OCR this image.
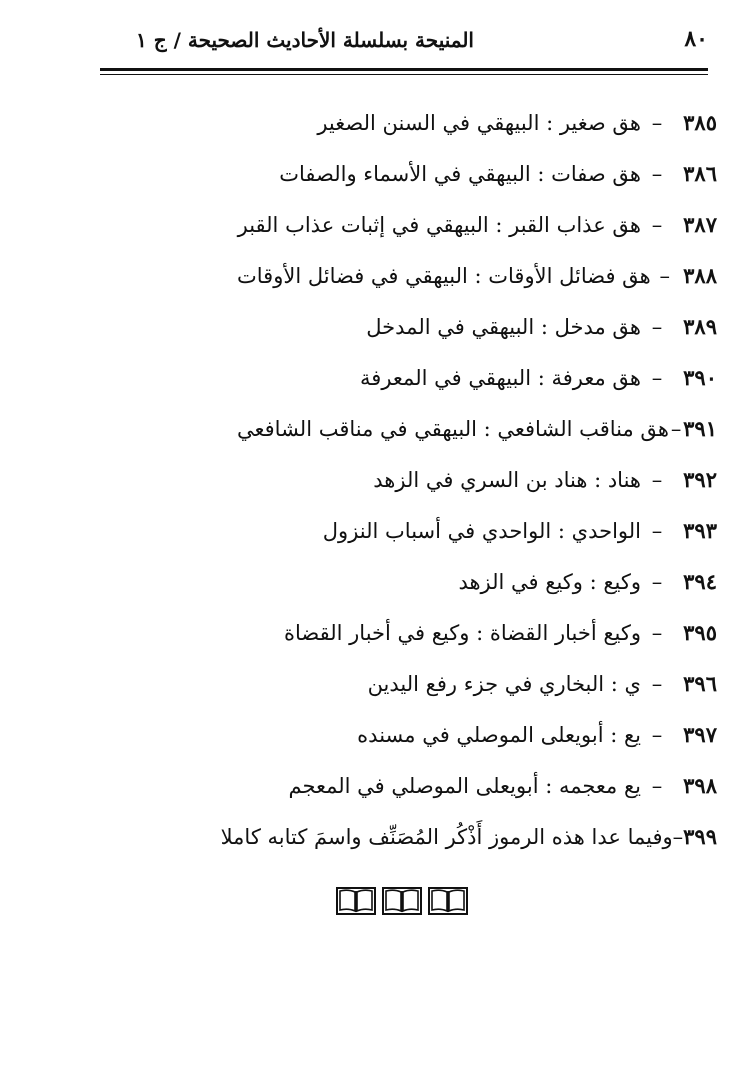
٨٠
المنيحة بسلسلة الأحاديث الصحيحة / ج ١
٣٨٥
–
هق صغير : البيهقي في السنن الصغير
٣٨٦
–
هق صفات : البيهقي في الأسماء والصفات
٣٨٧
–
هق عذاب القبر : البيهقي في إثبات عذاب القبر
٣٨٨
–
هق فضائل الأوقات : البيهقي في فضائل الأوقات
٣٨٩
–
هق مدخل : البيهقي في المدخل
٣٩٠
–
هق معرفة : البيهقي في المعرفة
٣٩١
–
هق مناقب الشافعي : البيهقي في مناقب الشافعي
٣٩٢
–
هناد : هناد بن السري في الزهد
٣٩٣
–
الواحدي : الواحدي في أسباب النزول
٣٩٤
–
وكيع : وكيع في الزهد
٣٩٥
–
وكيع أخبار القضاة : وكيع في أخبار القضاة
٣٩٦
–
ي : البخاري في جزء رفع اليدين
٣٩٧
–
يع : أبويعلى الموصلي في مسنده
٣٩٨
–
يع معجمه : أبويعلى الموصلي في المعجم
٣٩٩
–
وفيما عدا هذه الرموز أَذْكُر المُصَنِّف واسمَ كتابه كاملا
